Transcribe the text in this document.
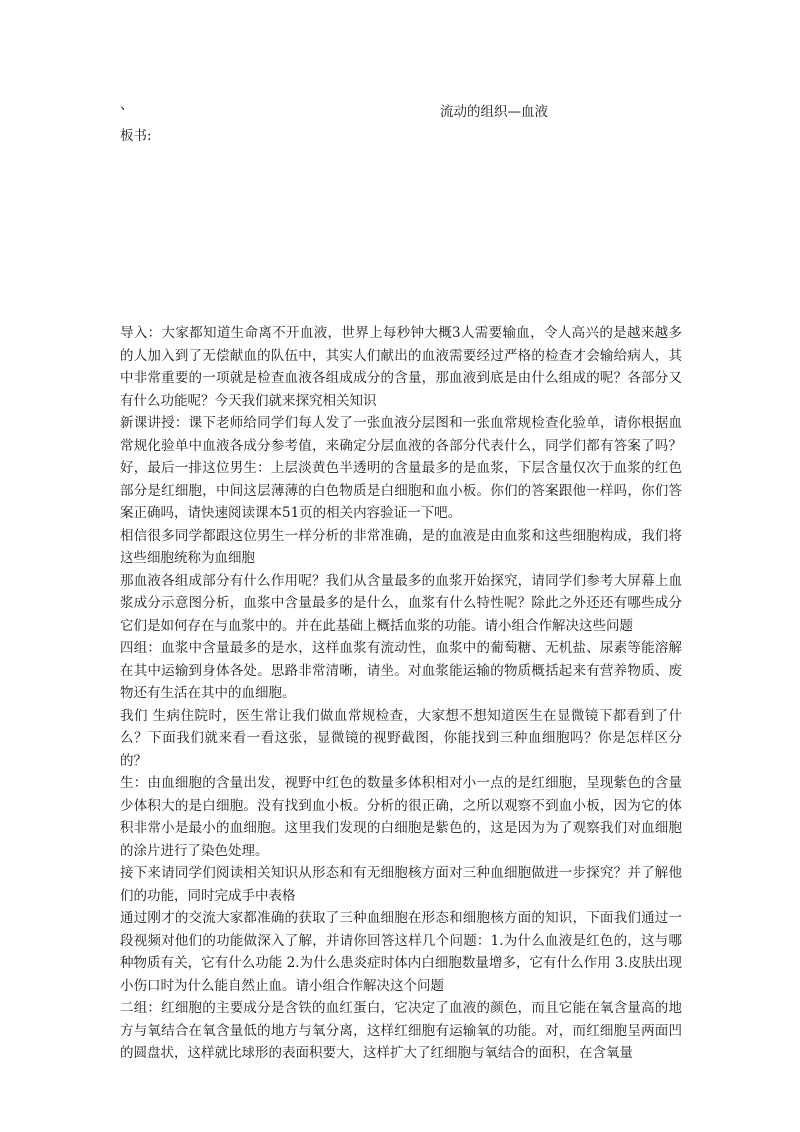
、	流动的组织—血液
板书:

导入：大家都知道生命离不开血液，世界上每秒钟大概3人需要输血，令人高兴的是越来越多的人加入到了无偿献血的队伍中，其实人们献出的血液需要经过严格的检查才会输给病人，其中非常重要的一项就是检查血液各组成成分的含量，那血液到底是由什么组成的呢？各部分又有什么功能呢？今天我们就来探究相关知识

新课讲授：课下老师给同学们每人发了一张血液分层图和一张血常规检查化验单，请你根据血常规化验单中血液各成分参考值，来确定分层血液的各部分代表什么，同学们都有答案了吗？好，最后一排这位男生：上层淡黄色半透明的含量最多的是血浆，下层含量仅次于血浆的红色部分是红细胞，中间这层薄薄的白色物质是白细胞和血小板。你们的答案跟他一样吗，你们答案正确吗，请快速阅读课本51页的相关内容验证一下吧。

相信很多同学都跟这位男生一样分析的非常准确，是的血液是由血浆和这些细胞构成，我们将这些细胞统称为血细胞

那血液各组成部分有什么作用呢？我们从含量最多的血浆开始探究，请同学们参考大屏幕上血浆成分示意图分析，血浆中含量最多的是什么，血浆有什么特性呢？除此之外还还有哪些成分它们是如何存在与血浆中的。并在此基础上概括血浆的功能。请小组合作解决这些问题

四组：血浆中含量最多的是水，这样血浆有流动性，血浆中的葡萄糖、无机盐、尿素等能溶解在其中运输到身体各处。思路非常清晰，请坐。对血浆能运输的物质概括起来有营养物质、废物还有生活在其中的血细胞。

我们 生病住院时，医生常让我们做血常规检查，大家想不想知道医生在显微镜下都看到了什么？下面我们就来看一看这张，显微镜的视野截图，你能找到三种血细胞吗？你是怎样区分的？

生：由血细胞的含量出发，视野中红色的数量多体积相对小一点的是红细胞，呈现紫色的含量少体积大的是白细胞。没有找到血小板。分析的很正确，之所以观察不到血小板，因为它的体积非常小是最小的血细胞。这里我们发现的白细胞是紫色的，这是因为为了观察我们对血细胞的涂片进行了染色处理。

接下来请同学们阅读相关知识从形态和有无细胞核方面对三种血细胞做进一步探究？并了解他们的功能，同时完成手中表格

通过刚才的交流大家都准确的获取了三种血细胞在形态和细胞核方面的知识，下面我们通过一段视频对他们的功能做深入了解，并请你回答这样几个问题：1.为什么血液是红色的，这与哪种物质有关，它有什么功能 2.为什么患炎症时体内白细胞数量增多，它有什么作用 3.皮肤出现小伤口时为什么能自然止血。请小组合作解决这个问题

二组：红细胞的主要成分是含铁的血红蛋白，它决定了血液的颜色，而且它能在氧含量高的地方与氧结合在氧含量低的地方与氧分离，这样红细胞有运输氧的功能。对，而红细胞呈两面凹的圆盘状，这样就比球形的表面积要大，这样扩大了红细胞与氧结合的面积，在含氧量
